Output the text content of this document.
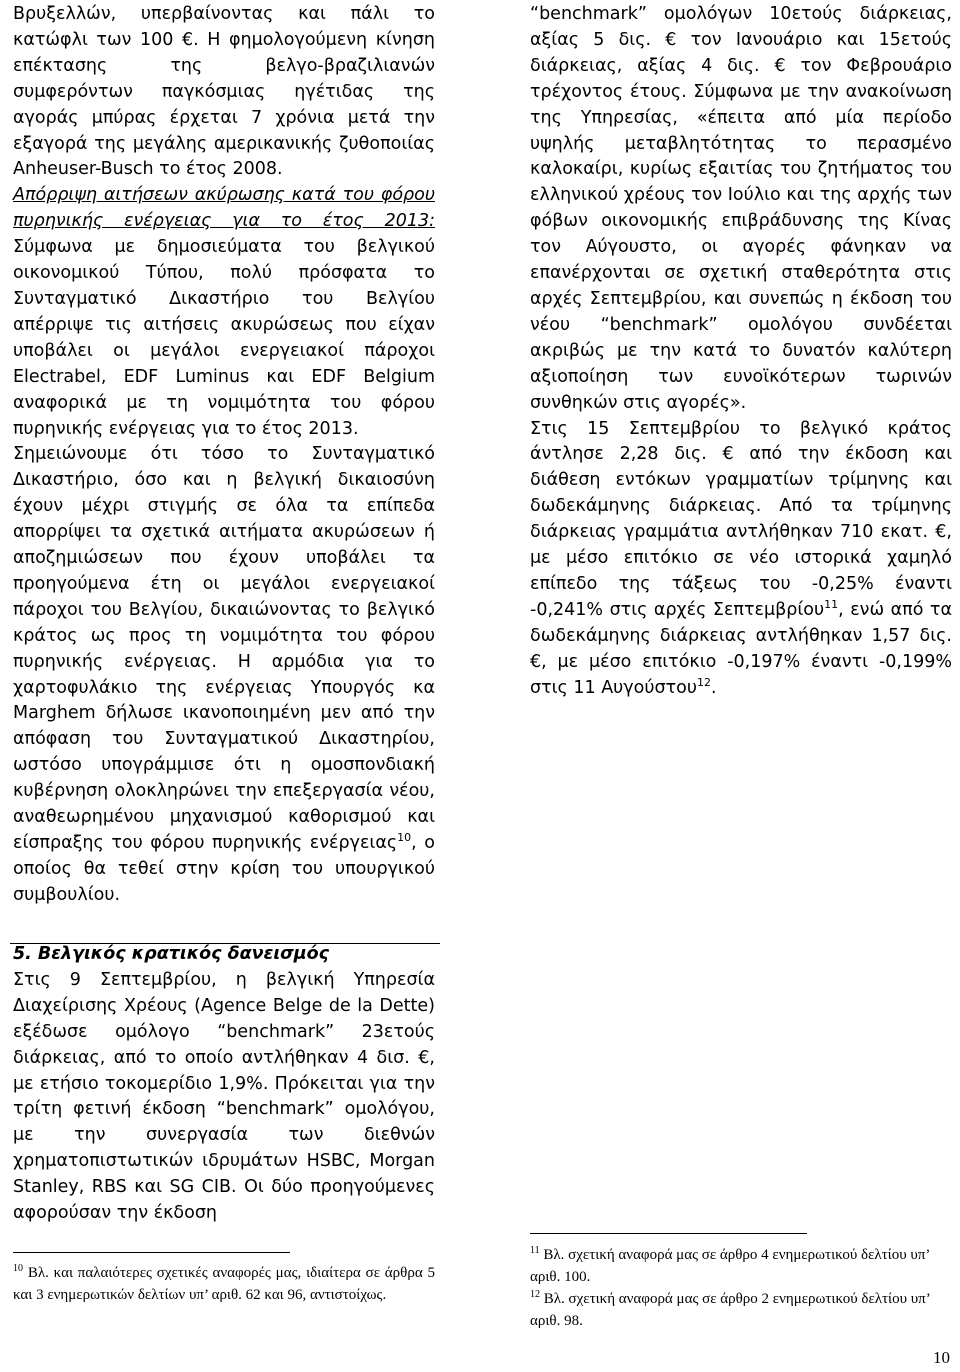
Βρυξελλών, υπερβαίνοντας και πάλι το κατώφλι των 100 €. Η φημολογούμενη κίνηση επέκτασης της βελγο-βραζιλιανών συμφερόντων παγκόσμιας ηγέτιδας της αγοράς μπύρας έρχεται 7 χρόνια μετά την εξαγορά της μεγάλης αμερικανικής ζυθοποιίας Anheuser-Busch το έτος 2008.

Απόρριψη αιτήσεων ακύρωσης κατά του φόρου πυρηνικής ενέργειας για το έτος 2013: Σύμφωνα με δημοσιεύματα του βελγικού οικονομικού Τύπου, πολύ πρόσφατα το Συνταγματικό Δικαστήριο του Βελγίου απέρριψε τις αιτήσεις ακυρώσεως που είχαν υποβάλει οι μεγάλοι ενεργειακοί πάροχοι Electrabel, EDF Luminus και EDF Belgium αναφορικά με τη νομιμότητα του φόρου πυρηνικής ενέργειας για το έτος 2013.

Σημειώνουμε ότι τόσο το Συνταγματικό Δικαστήριο, όσο και η βελγική δικαιοσύνη έχουν μέχρι στιγμής σε όλα τα επίπεδα απορρίψει τα σχετικά αιτήματα ακυρώσεων ή αποζημιώσεων που έχουν υποβάλει τα προηγούμενα έτη οι μεγάλοι ενεργειακοί πάροχοι του Βελγίου, δικαιώνοντας το βελγικό κράτος ως προς τη νομιμότητα του φόρου πυρηνικής ενέργειας. Η αρμόδια για το χαρτοφυλάκιο της ενέργειας Υπουργός κα Marghem δήλωσε ικανοποιημένη μεν από την απόφαση του Συνταγματικού Δικαστηρίου, ωστόσο υπογράμμισε ότι η ομοσπονδιακή κυβέρνηση ολοκληρώνει την επεξεργασία νέου, αναθεωρημένου μηχανισμού καθορισμού και είσπραξης του φόρου πυρηνικής ενέργειας$^{10}$, ο οποίος θα τεθεί στην κρίση του υπουργικού συμβουλίου.

5. Βελγικός κρατικός δανεισμός

Στις 9 Σεπτεμβρίου, η βελγική Υπηρεσία Διαχείρισης Χρέους (Agence Belge de la Dette) εξέδωσε ομόλογο “benchmark” 23ετούς διάρκειας, από το οποίο αντλήθηκαν 4 δισ. €, με ετήσιο τοκομερίδιο 1,9%. Πρόκειται για την τρίτη φετινή έκδοση “benchmark” ομολόγου, με την συνεργασία των διεθνών χρηματοπιστωτικών ιδρυμάτων HSBC, Morgan Stanley, RBS και SG CIB. Οι δύο προηγούμενες αφορούσαν την έκδοση

$^{10}$ Βλ. και παλαιότερες σχετικές αναφορές μας, ιδιαίτερα σε άρθρα 5 και 3 ενημερωτικών δελτίων υπ’ αριθ. 62 και 96, αντιστοίχως.

“benchmark” ομολόγων 10ετούς διάρκειας, αξίας 5 δις. € τον Ιανουάριο και 15ετούς διάρκειας, αξίας 4 δις. € τον Φεβρουάριο τρέχοντος έτους. Σύμφωνα με την ανακοίνωση της Υπηρεσίας, «έπειτα από μία περίοδο υψηλής μεταβλητότητας το περασμένο καλοκαίρι, κυρίως εξαιτίας του ζητήματος του ελληνικού χρέους τον Ιούλιο και της αρχής των φόβων οικονομικής επιβράδυνσης της Κίνας τον Αύγουστο, οι αγορές φάνηκαν να επανέρχονται σε σχετική σταθερότητα στις αρχές Σεπτεμβρίου, και συνεπώς η έκδοση του νέου “benchmark” ομολόγου συνδέεται ακριβώς με την κατά το δυνατόν καλύτερη αξιοποίηση των ευνοϊκότερων τωρινών συνθηκών στις αγορές».

Στις 15 Σεπτεμβρίου το βελγικό κράτος άντλησε 2,28 δις. € από την έκδοση και διάθεση εντόκων γραμματίων τρίμηνης και δωδεκάμηνης διάρκειας. Από τα τρίμηνης διάρκειας γραμμάτια αντλήθηκαν 710 εκατ. €, με μέσο επιτόκιο σε νέο ιστορικά χαμηλό επίπεδο της τάξεως του -0,25% έναντι -0,241% στις αρχές Σεπτεμβρίου$^{11}$, ενώ από τα δωδεκάμηνης διάρκειας αντλήθηκαν 1,57 δις. €, με μέσο επιτόκιο -0,197% έναντι -0,199% στις 11 Αυγούστου$^{12}$.

$^{11}$ Βλ. σχετική αναφορά μας σε άρθρο 4 ενημερωτικού δελτίου υπ’ αριθ. 100.
$^{12}$ Βλ. σχετική αναφορά μας σε άρθρο 2 ενημερωτικού δελτίου υπ’ αριθ. 98.
10
